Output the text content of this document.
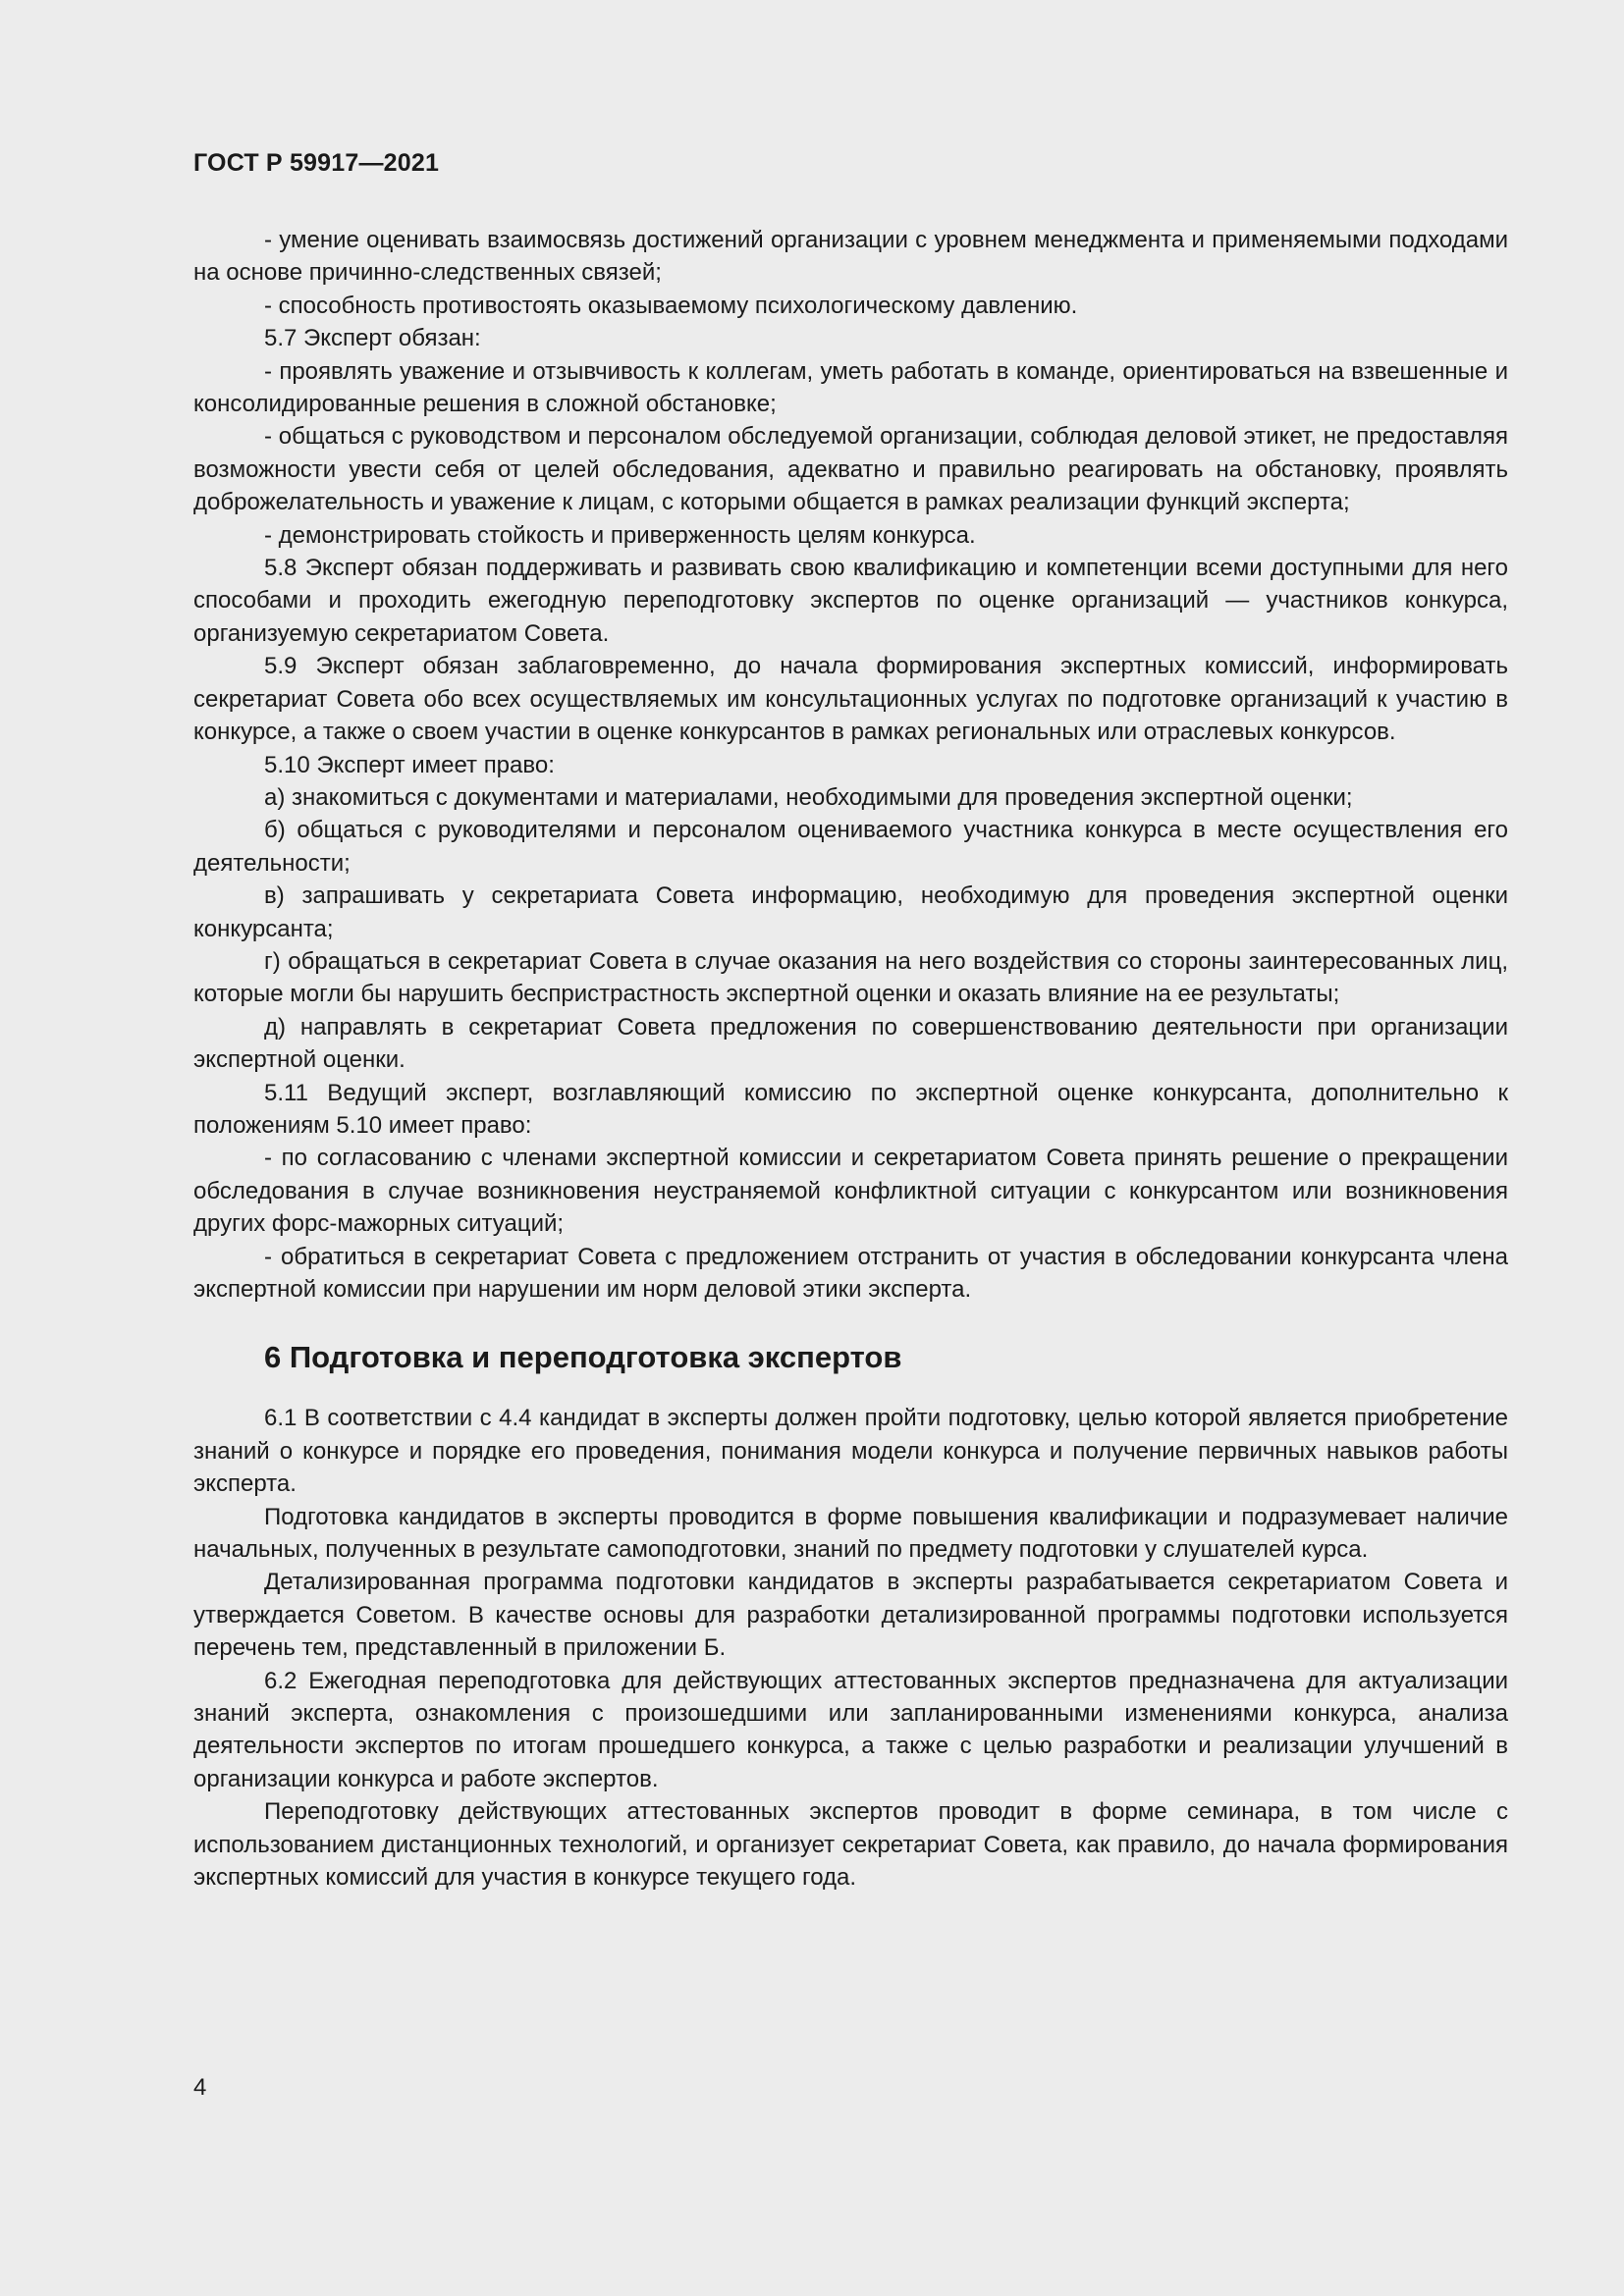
ГОСТ Р 59917—2021

- умение оценивать взаимосвязь достижений организации с уровнем менеджмента и применяемыми подходами на основе причинно-следственных связей;

- способность противостоять оказываемому психологическому давлению.

5.7 Эксперт обязан:

- проявлять уважение и отзывчивость к коллегам, уметь работать в команде, ориентироваться на взвешенные и консолидированные решения в сложной обстановке;

- общаться с руководством и персоналом обследуемой организации, соблюдая деловой этикет, не предоставляя возможности увести себя от целей обследования, адекватно и правильно реагировать на обстановку, проявлять доброжелательность и уважение к лицам, с которыми общается в рамках реализации функций эксперта;

- демонстрировать стойкость и приверженность целям конкурса.

5.8 Эксперт обязан поддерживать и развивать свою квалификацию и компетенции всеми доступными для него способами и проходить ежегодную переподготовку экспертов по оценке организаций — участников конкурса, организуемую секретариатом Совета.

5.9 Эксперт обязан заблаговременно, до начала формирования экспертных комиссий, информировать секретариат Совета обо всех осуществляемых им консультационных услугах по подготовке организаций к участию в конкурсе, а также о своем участии в оценке конкурсантов в рамках региональных или отраслевых конкурсов.

5.10 Эксперт имеет право:

а) знакомиться с документами и материалами, необходимыми для проведения экспертной оценки;

б) общаться с руководителями и персоналом оцениваемого участника конкурса в месте осуществления его деятельности;

в) запрашивать у секретариата Совета информацию, необходимую для проведения экспертной оценки конкурсанта;

г) обращаться в секретариат Совета в случае оказания на него воздействия со стороны заинтересованных лиц, которые могли бы нарушить беспристрастность экспертной оценки и оказать влияние на ее результаты;

д) направлять в секретариат Совета предложения по совершенствованию деятельности при организации экспертной оценки.

5.11 Ведущий эксперт, возглавляющий комиссию по экспертной оценке конкурсанта, дополнительно к положениям 5.10 имеет право:

- по согласованию с членами экспертной комиссии и секретариатом Совета принять решение о прекращении обследования в случае возникновения неустраняемой конфликтной ситуации с конкурсантом или возникновения других форс-мажорных ситуаций;

- обратиться в секретариат Совета с предложением отстранить от участия в обследовании конкурсанта члена экспертной комиссии при нарушении им норм деловой этики эксперта.

6 Подготовка и переподготовка экспертов

6.1 В соответствии с 4.4 кандидат в эксперты должен пройти подготовку, целью которой является приобретение знаний о конкурсе и порядке его проведения, понимания модели конкурса и получение первичных навыков работы эксперта.

Подготовка кандидатов в эксперты проводится в форме повышения квалификации и подразумевает наличие начальных, полученных в результате самоподготовки, знаний по предмету подготовки у слушателей курса.

Детализированная программа подготовки кандидатов в эксперты разрабатывается секретариатом Совета и утверждается Советом. В качестве основы для разработки детализированной программы подготовки используется перечень тем, представленный в приложении Б.

6.2 Ежегодная переподготовка для действующих аттестованных экспертов предназначена для актуализации знаний эксперта, ознакомления с произошедшими или запланированными изменениями конкурса, анализа деятельности экспертов по итогам прошедшего конкурса, а также с целью разработки и реализации улучшений в организации конкурса и работе экспертов.

Переподготовку действующих аттестованных экспертов проводит в форме семинара, в том числе с использованием дистанционных технологий, и организует секретариат Совета, как правило, до начала формирования экспертных комиссий для участия в конкурсе текущего года.

4
